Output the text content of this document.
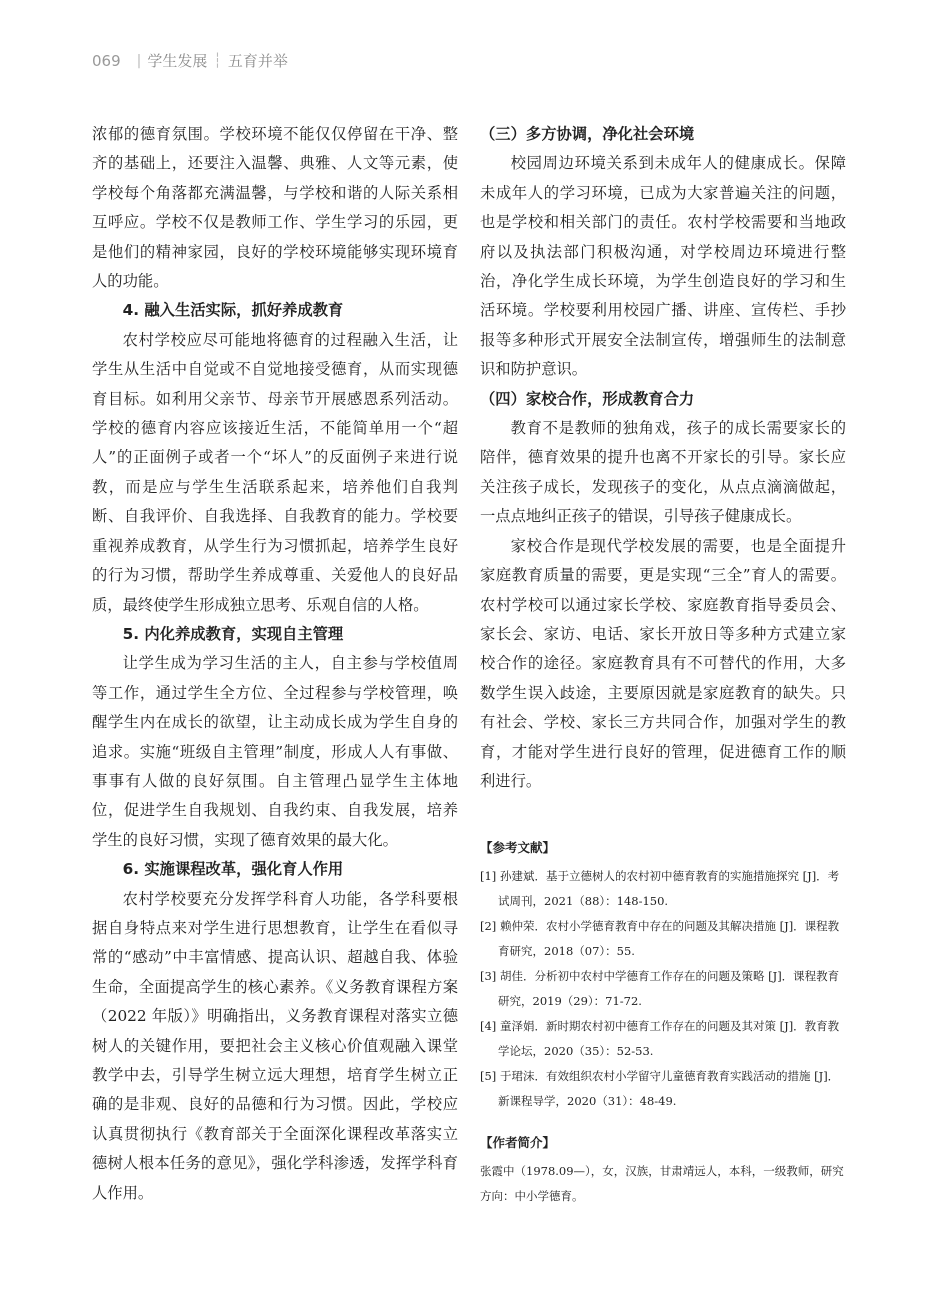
069 | 学生发展 ┆ 五育并举

浓郁的德育氛围。学校环境不能仅仅停留在干净、整齐的基础上，还要注入温馨、典雅、人文等元素，使学校每个角落都充满温馨，与学校和谐的人际关系相互呼应。学校不仅是教师工作、学生学习的乐园，更是他们的精神家园，良好的学校环境能够实现环境育人的功能。

4. 融入生活实际，抓好养成教育

农村学校应尽可能地将德育的过程融入生活，让学生从生活中自觉或不自觉地接受德育，从而实现德育目标。如利用父亲节、母亲节开展感恩系列活动。学校的德育内容应该接近生活，不能简单用一个“超人”的正面例子或者一个“坏人”的反面例子来进行说教，而是应与学生生活联系起来，培养他们自我判断、自我评价、自我选择、自我教育的能力。学校要重视养成教育，从学生行为习惯抓起，培养学生良好的行为习惯，帮助学生养成尊重、关爱他人的良好品质，最终使学生形成独立思考、乐观自信的人格。

5. 内化养成教育，实现自主管理

让学生成为学习生活的主人，自主参与学校值周等工作，通过学生全方位、全过程参与学校管理，唤醒学生内在成长的欲望，让主动成长成为学生自身的追求。实施“班级自主管理”制度，形成人人有事做、事事有人做的良好氛围。自主管理凸显学生主体地位，促进学生自我规划、自我约束、自我发展，培养学生的良好习惯，实现了德育效果的最大化。

6. 实施课程改革，强化育人作用

农村学校要充分发挥学科育人功能，各学科要根据自身特点来对学生进行思想教育，让学生在看似寻常的“感动”中丰富情感、提高认识、超越自我、体验生命，全面提高学生的核心素养。《义务教育课程方案（2022 年版）》明确指出，义务教育课程对落实立德树人的关键作用，要把社会主义核心价值观融入课堂教学中去，引导学生树立远大理想，培育学生树立正确的是非观、良好的品德和行为习惯。因此，学校应认真贯彻执行《教育部关于全面深化课程改革落实立德树人根本任务的意见》，强化学科渗透，发挥学科育人作用。

（三）多方协调，净化社会环境

校园周边环境关系到未成年人的健康成长。保障未成年人的学习环境，已成为大家普遍关注的问题，也是学校和相关部门的责任。农村学校需要和当地政府以及执法部门积极沟通，对学校周边环境进行整治，净化学生成长环境，为学生创造良好的学习和生活环境。学校要利用校园广播、讲座、宣传栏、手抄报等多种形式开展安全法制宣传，增强师生的法制意识和防护意识。

（四）家校合作，形成教育合力

教育不是教师的独角戏，孩子的成长需要家长的陪伴，德育效果的提升也离不开家长的引导。家长应关注孩子成长，发现孩子的变化，从点点滴滴做起，一点点地纠正孩子的错误，引导孩子健康成长。

家校合作是现代学校发展的需要，也是全面提升家庭教育质量的需要，更是实现“三全”育人的需要。农村学校可以通过家长学校、家庭教育指导委员会、家长会、家访、电话、家长开放日等多种方式建立家校合作的途径。家庭教育具有不可替代的作用，大多数学生误入歧途，主要原因就是家庭教育的缺失。只有社会、学校、家长三方共同合作，加强对学生的教育，才能对学生进行良好的管理，促进德育工作的顺利进行。

【参考文献】
[1] 孙建斌．基于立德树人的农村初中德育教育的实施措施探究 [J]．考试周刊，2021（88）：148-150.
[2] 赖仲荣．农村小学德育教育中存在的问题及其解决措施 [J]．课程教育研究，2018（07）：55.
[3] 胡佳．分析初中农村中学德育工作存在的问题及策略 [J]．课程教育研究，2019（29）：71-72.
[4] 童泽娟．新时期农村初中德育工作存在的问题及其对策 [J]．教育教学论坛，2020（35）：52-53.
[5] 于珺沫．有效组织农村小学留守儿童德育教育实践活动的措施 [J]．新课程导学，2020（31）：48-49.
【作者简介】

张霞中（1978.09—），女，汉族，甘肃靖远人，本科，一级教师，研究方向：中小学德育。
